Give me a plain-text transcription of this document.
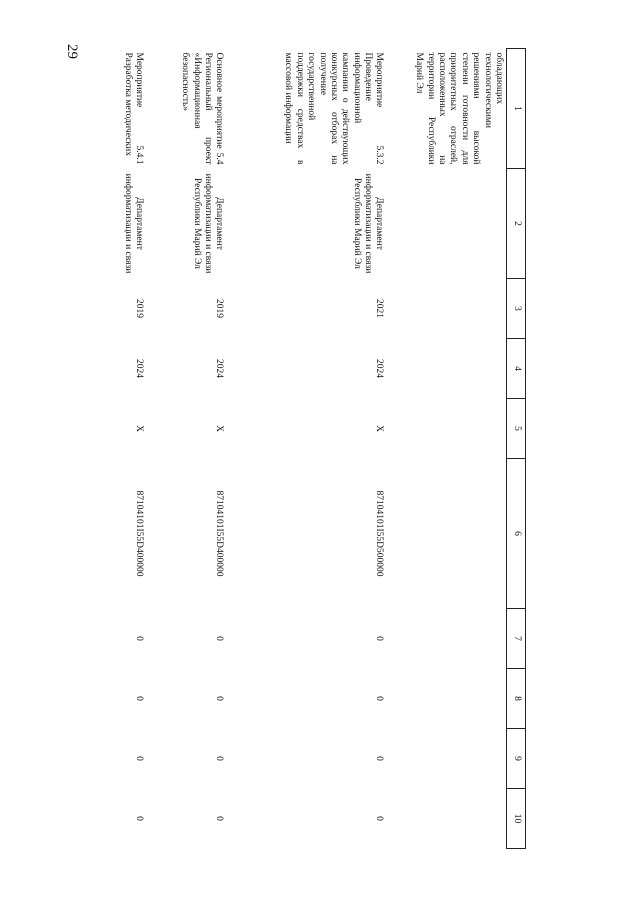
29
1	2	3	4	5	6	7	8	9	10
обладающих технологическими решениями высокой степени готовности для приоритетных отраслей, расположенных на территории Республики Марий Эл									
Мероприятие 5.3.2 Проведение информационной кампании о действующих конкурсных отборах на получение государственной поддержки средствах в массовой информации	Департамент информатизации и связи Республики Марий Эл	2021	2024	X	87104101I55D500000	0	0	0	0
Основное мероприятие 5.4 Региональный проект «Информационная безопасность»	Департамент информатизации и связи Республики Марий Эл	2019	2024	X	87104101I55D400000	0	0	0	0
Мероприятие 5.4.1 Разработка методических	Департамент информатизации и связи	2019	2024	X	87104101I55D400000	0	0	0	0
